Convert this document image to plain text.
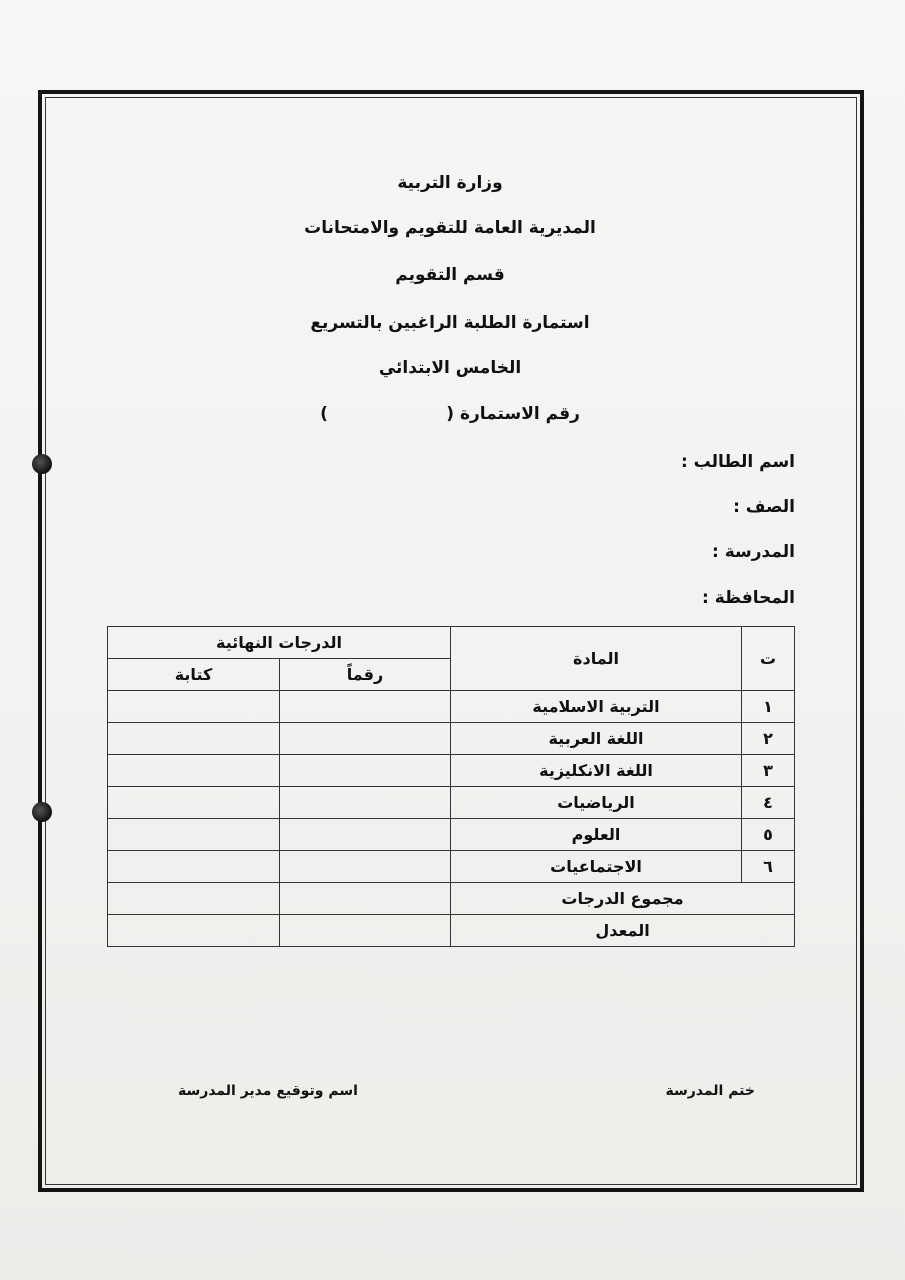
وزارة التربية
المديرية العامة للتقويم والامتحانات
قسم التقويم
استمارة الطلبة الراغبين بالتسريع
الخامس الابتدائي
رقم الاستمارة (                    )
اسم الطالب :
الصف :
المدرسة :
المحافظة :
ت	المادة	الدرجات النهائية	
		رقماً	كتابة
١	التربية الاسلامية		
٢	اللغة العربية		
٣	اللغة الانكليزية		
٤	الرياضيات		
٥	العلوم		
٦	الاجتماعيات		
مجموع الدرجات			
المعدل			
ختم المدرسة
اسم وتوقيع مدير المدرسة
